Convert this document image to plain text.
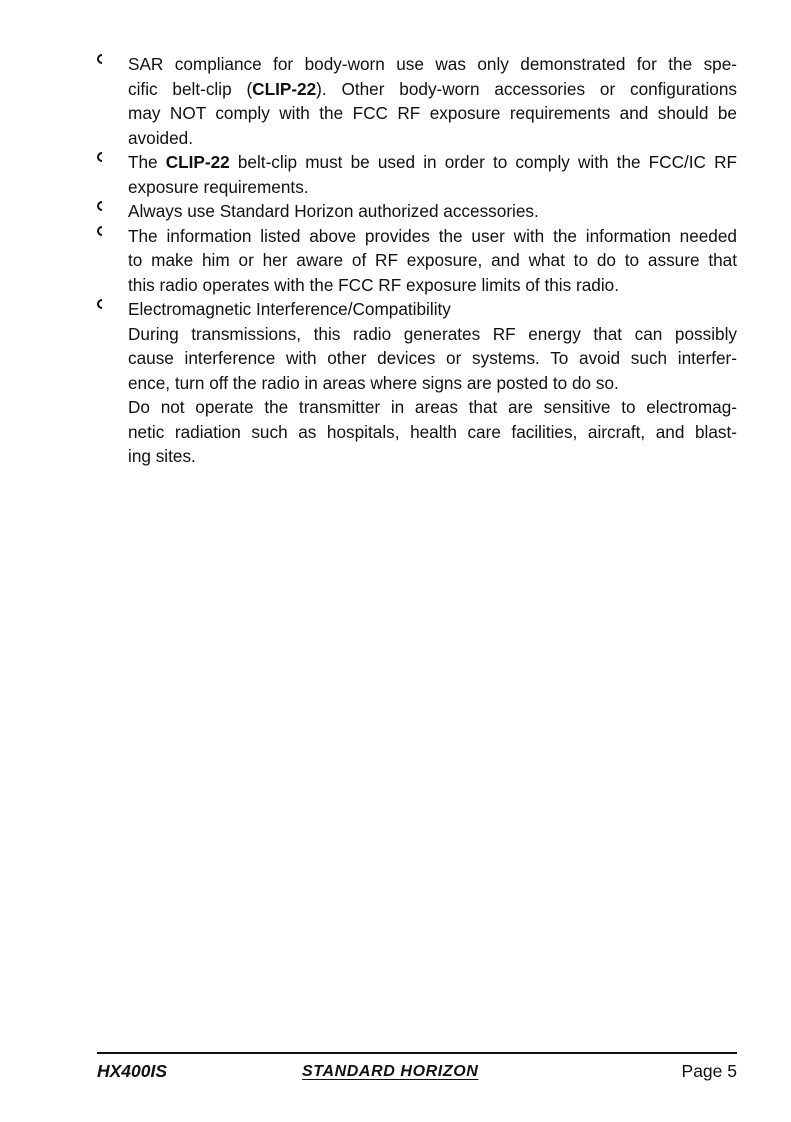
SAR compliance for body-worn use was only demonstrated for the spe-
cific belt-clip (CLIP-22). Other body-worn accessories or configurations
may NOT comply with the FCC RF exposure requirements and should be
avoided.
The CLIP-22 belt-clip must be used in order to comply with the FCC/IC RF
exposure requirements.
Always use Standard Horizon authorized accessories.
The information listed above provides the user with the information needed
to make him or her aware of RF exposure, and what to do to assure that
this radio operates with the FCC RF exposure limits of this radio.
Electromagnetic Interference/Compatibility
During transmissions, this radio generates RF energy that can possibly
cause interference with other devices or systems. To avoid such interfer-
ence, turn off the radio in areas where signs are posted to do so.
Do not operate the transmitter in areas that are sensitive to electromag-
netic radiation such as hospitals, health care facilities, aircraft, and blast-
ing sites.
HX400IS	STANDARD HORIZON	Page 5
